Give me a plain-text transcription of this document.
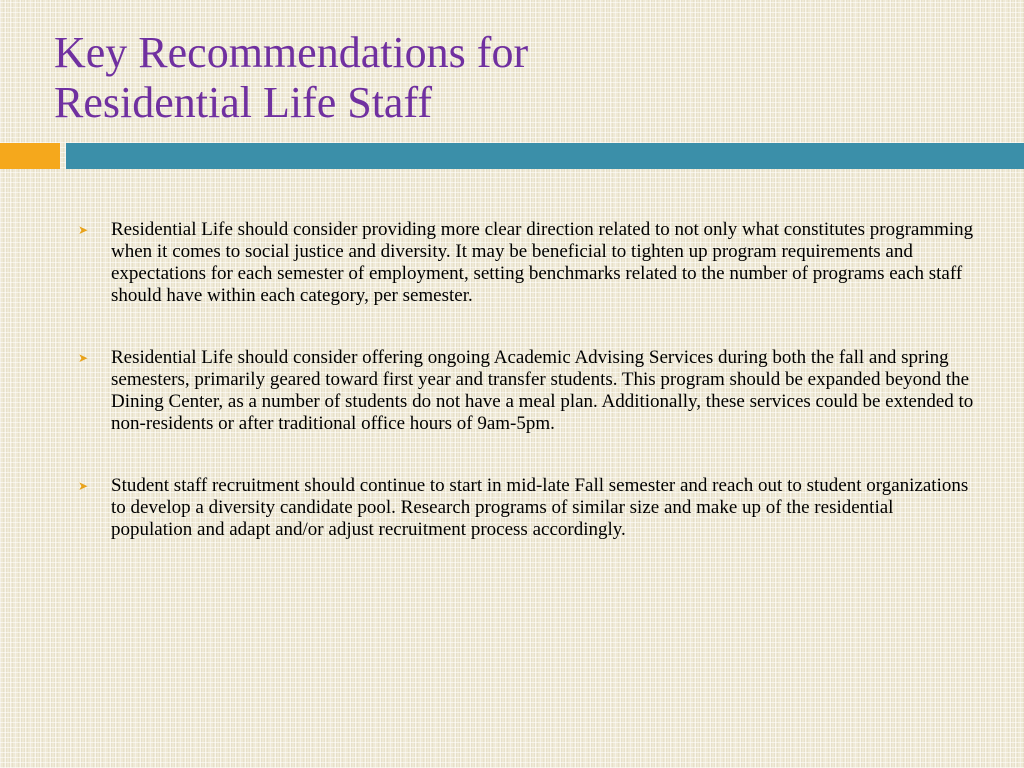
Key Recommendations for
Residential Life Staff
➤ Residential Life should consider providing more clear direction related to not only what constitutes programming when it comes to social justice and diversity. It may be beneficial to tighten up program requirements and expectations for each semester of employment, setting benchmarks related to the number of programs each staff should have within each category, per semester.
➤ Residential Life should consider offering ongoing Academic Advising Services during both the fall and spring semesters, primarily geared toward first year and transfer students. This program should be expanded beyond the Dining Center, as a number of students do not have a meal plan. Additionally, these services could be extended to non-residents or after traditional office hours of 9am-5pm.
➤ Student staff recruitment should continue to start in mid-late Fall semester and reach out to student organizations to develop a diversity candidate pool. Research programs of similar size and make up of the residential population and adapt and/or adjust recruitment process accordingly.
